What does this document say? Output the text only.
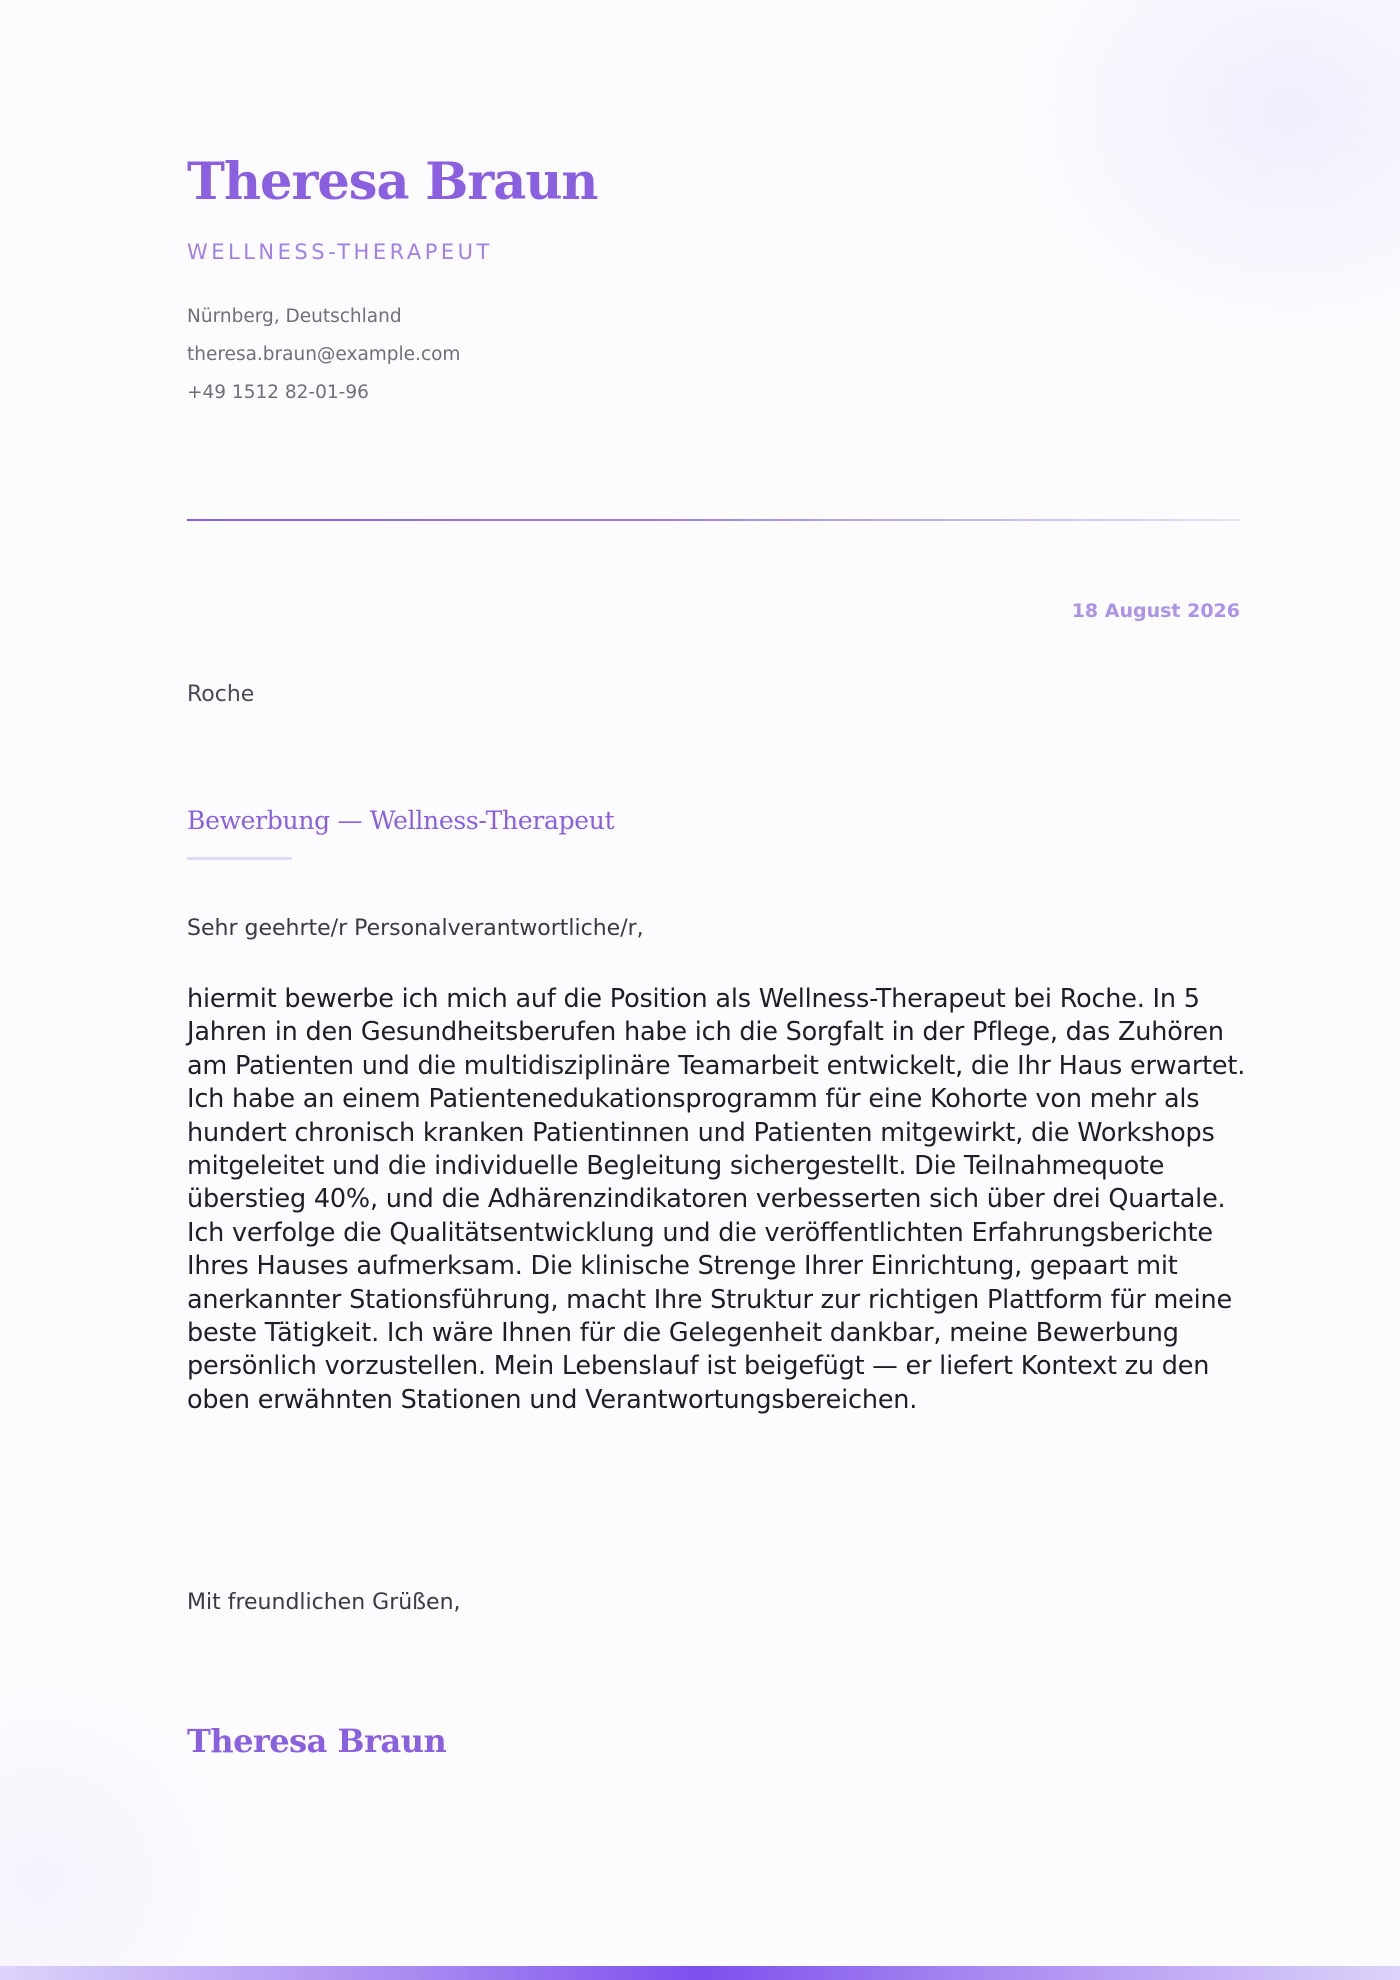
Theresa Braun
WELLNESS-THERAPEUT
Nürnberg, Deutschland
theresa.braun@example.com
+49 1512 82-01-96
18 August 2026
Roche
Bewerbung — Wellness-Therapeut
Sehr geehrte/r Personalverantwortliche/r,

hiermit bewerbe ich mich auf die Position als Wellness-Therapeut bei Roche. In 5 Jahren in den Gesundheitsberufen habe ich die Sorgfalt in der Pflege, das Zuhören am Patienten und die multidisziplinäre Teamarbeit entwickelt, die Ihr Haus erwartet. Ich habe an einem Patientenedukationsprogramm für eine Kohorte von mehr als hundert chronisch kranken Patientinnen und Patienten mitgewirkt, die Workshops mitgeleitet und die individuelle Begleitung sichergestellt. Die Teilnahmequote überstieg 40%, und die Adhärenzindikatoren verbesserten sich über drei Quartale. Ich verfolge die Qualitätsentwicklung und die veröffentlichten Erfahrungsberichte Ihres Hauses aufmerksam. Die klinische Strenge Ihrer Einrichtung, gepaart mit anerkannter Stationsführung, macht Ihre Struktur zur richtigen Plattform für meine beste Tätigkeit. Ich wäre Ihnen für die Gelegenheit dankbar, meine Bewerbung persönlich vorzustellen. Mein Lebenslauf ist beigefügt — er liefert Kontext zu den oben erwähnten Stationen und Verantwortungsbereichen.

Mit freundlichen Grüßen,
Theresa Braun
